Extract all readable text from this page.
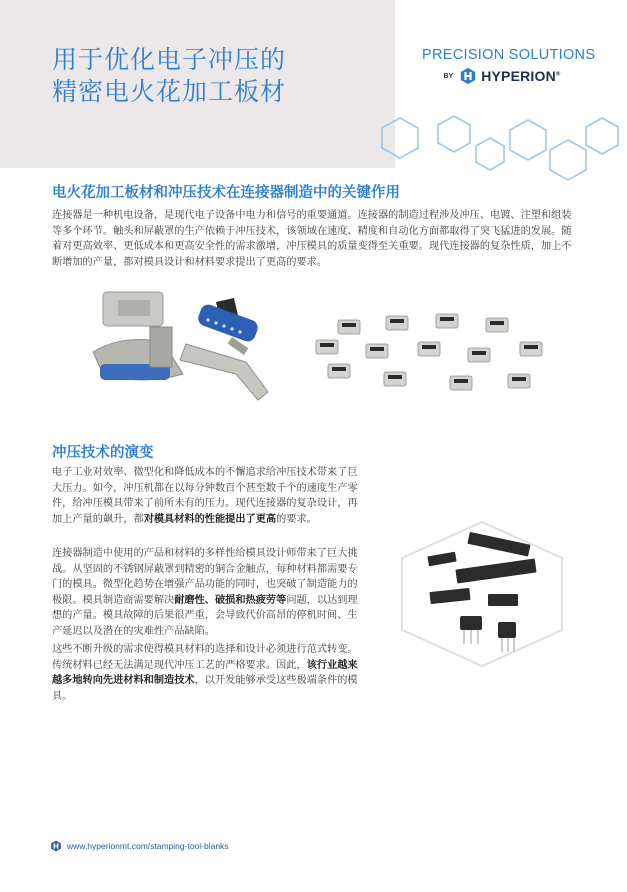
用于优化电子冲压的
精密电火花加工板材
PRECISION SOLUTIONS
BY HYPERION®
电火花加工板材和冲压技术在连接器制造中的关键作用

连接器是一种机电设备，是现代电子设备中电力和信号的重要通道。连接器的制造过程涉及冲压、电镀、注塑和组装等多个环节。触头和屏蔽罩的生产依赖于冲压技术，该领域在速度、精度和自动化方面都取得了突飞猛进的发展。随着对更高效率、更低成本和更高安全性的需求激增，冲压模具的质量变得至关重要。现代连接器的复杂性质，加上不断增加的产量，都对模具设计和材料要求提出了更高的要求。

冲压技术的演变

电子工业对效率、微型化和降低成本的不懈追求给冲压技术带来了巨大压力。如今，冲压机都在以每分钟数百个甚至数千个的速度生产零件，给冲压模具带来了前所未有的压力。现代连接器的复杂设计，再加上产量的飙升，都对模具材料的性能提出了更高的要求。

连接器制造中使用的产品和材料的多样性给模具设计师带来了巨大挑战。从坚固的不锈钢屏蔽罩到精密的铜合金触点，每种材料都需要专门的模具。微型化趋势在增强产品功能的同时，也突破了制造能力的极限。模具制造商需要解决耐磨性、破损和热疲劳等问题，以达到理想的产量。模具故障的后果很严重，会导致代价高昂的停机时间、生产延迟以及潜在的灾难性产品缺陷。

这些不断升级的需求使得模具材料的选择和设计必须进行范式转变。传统材料已经无法满足现代冲压工艺的严格要求。因此，该行业越来越多地转向先进材料和制造技术，以开发能够承受这些极端条件的模具。

www.hyperionmt.com/stamping-tool-blanks
